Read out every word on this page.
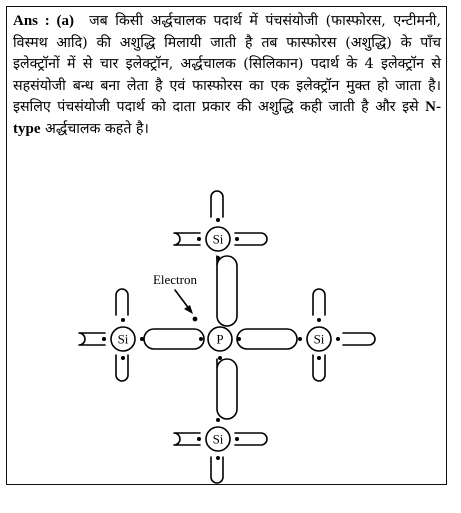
Ans : (a) जब किसी अर्द्धचालक पदार्थ में पंचसंयोजी (फास्फोरस, एन्टीमनी, विस्मथ आदि) की अशुद्धि मिलायी जाती है तब फास्फोरस (अशुद्धि) के पाँच इलेक्ट्रॉनों में से चार इलेक्ट्रॉन, अर्द्धचालक (सिलिकान) पदार्थ के 4 इलेक्ट्रॉन से सहसंयोजी बन्ध बना लेता है एवं फास्फोरस का एक इलेक्ट्रॉन मुक्त हो जाता है। इसलिए पंचसंयोजी पदार्थ को दाता प्रकार की अशुद्धि कही जाती है और इसे N-type अर्द्धचालक कहते है।

Electron
Si
Si	P	Si
Si
